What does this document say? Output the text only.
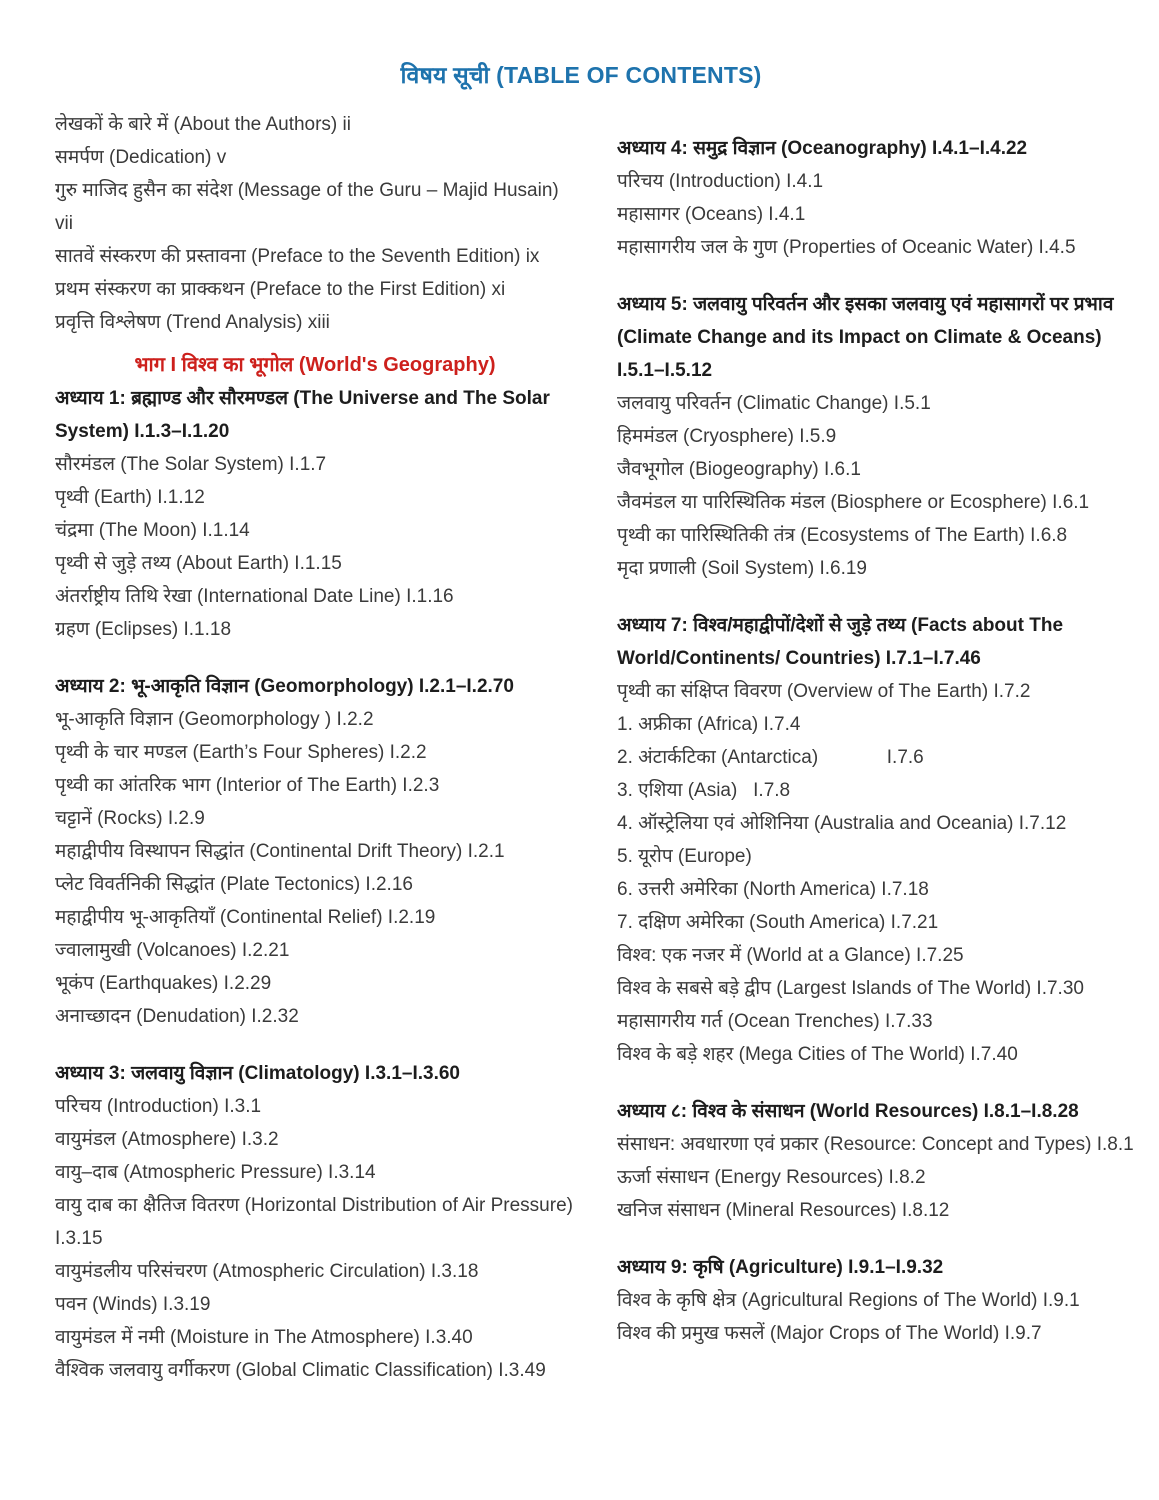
विषय सूची (TABLE OF CONTENTS)
लेखकों के बारे में (About the Authors) ii
समर्पण (Dedication) v
गुरु माजिद हुसैन का संदेश (Message of the Guru – Majid Husain) vii
सातवें संस्करण की प्रस्तावना (Preface to the Seventh Edition) ix
प्रथम संस्करण का प्राक्कथन (Preface to the First Edition) xi
प्रवृत्ति विश्लेषण (Trend Analysis) xiii
भाग I विश्व का भूगोल (World's Geography)
अध्याय 1: ब्रह्माण्ड और सौरमण्डल (The Universe and The Solar System) I.1.3–I.1.20
सौरमंडल (The Solar System) I.1.7
पृथ्वी (Earth) I.1.12
चंद्रमा (The Moon) I.1.14
पृथ्वी से जुड़े तथ्य (About Earth) I.1.15
अंतर्राष्ट्रीय तिथि रेखा (International Date Line) I.1.16
ग्रहण (Eclipses) I.1.18
अध्याय 2: भू-आकृति विज्ञान (Geomorphology) I.2.1–I.2.70
भू-आकृति विज्ञान (Geomorphology ) I.2.2
पृथ्वी के चार मण्डल (Earth’s Four Spheres) I.2.2
पृथ्वी का आंतरिक भाग (Interior of The Earth) I.2.3
चट्टानें (Rocks) I.2.9
महाद्वीपीय विस्थापन सिद्धांत (Continental Drift Theory) I.2.1
प्लेट विवर्तनिकी सिद्धांत (Plate Tectonics) I.2.16
महाद्वीपीय भू-आकृतियाँ (Continental Relief) I.2.19
ज्वालामुखी (Volcanoes) I.2.21
भूकंप (Earthquakes) I.2.29
अनाच्छादन (Denudation) I.2.32
अध्याय 3: जलवायु विज्ञान (Climatology) I.3.1–I.3.60
परिचय (Introduction) I.3.1
वायुमंडल (Atmosphere) I.3.2
वायु–दाब (Atmospheric Pressure) I.3.14
वायु दाब का क्षैतिज वितरण (Horizontal Distribution of Air Pressure) I.3.15
वायुमंडलीय परिसंचरण (Atmospheric Circulation) I.3.18
पवन (Winds) I.3.19
वायुमंडल में नमी (Moisture in The Atmosphere) I.3.40
वैश्विक जलवायु वर्गीकरण (Global Climatic Classification) I.3.49
अध्याय 4: समुद्र विज्ञान (Oceanography) I.4.1–I.4.22
परिचय (Introduction) I.4.1
महासागर (Oceans) I.4.1
महासागरीय जल के गुण (Properties of Oceanic Water) I.4.5
अध्याय 5: जलवायु परिवर्तन और इसका जलवायु एवं महासागरों पर प्रभाव (Climate Change and its Impact on Climate & Oceans) I.5.1–I.5.12
जलवायु परिवर्तन (Climatic Change) I.5.1
हिममंडल (Cryosphere) I.5.9
जैवभूगोल (Biogeography) I.6.1
जैवमंडल या पारिस्थितिक मंडल (Biosphere or Ecosphere) I.6.1
पृथ्वी का पारिस्थितिकी तंत्र (Ecosystems of The Earth) I.6.8
मृदा प्रणाली (Soil System) I.6.19
अध्याय 7: विश्व/महाद्वीपों/देशों से जुड़े तथ्य (Facts about The World/Continents/ Countries) I.7.1–I.7.46
पृथ्वी का संक्षिप्त विवरण (Overview of The Earth) I.7.2
1. अफ्रीका (Africa) I.7.4
2. अंटार्कटिका (Antarctica)             I.7.6
3. एशिया (Asia)   I.7.8
4. ऑस्ट्रेलिया एवं ओशिनिया (Australia and Oceania) I.7.12
5. यूरोप (Europe)
6. उत्तरी अमेरिका (North America) I.7.18
7. दक्षिण अमेरिका (South America) I.7.21
विश्व: एक नजर में (World at a Glance) I.7.25
विश्व के सबसे बड़े द्वीप (Largest Islands of The World) I.7.30
महासागरीय गर्त (Ocean Trenches) I.7.33
विश्व के बड़े शहर (Mega Cities of The World) I.7.40
अध्याय ८: विश्व के संसाधन (World Resources) I.8.1–I.8.28
संसाधन: अवधारणा एवं प्रकार (Resource: Concept and Types) I.8.1
ऊर्जा संसाधन (Energy Resources) I.8.2
खनिज संसाधन (Mineral Resources) I.8.12
अध्याय 9: कृषि (Agriculture) I.9.1–I.9.32
विश्व के कृषि क्षेत्र (Agricultural Regions of The World) I.9.1
विश्व की प्रमुख फसलें (Major Crops of The World) I.9.7
